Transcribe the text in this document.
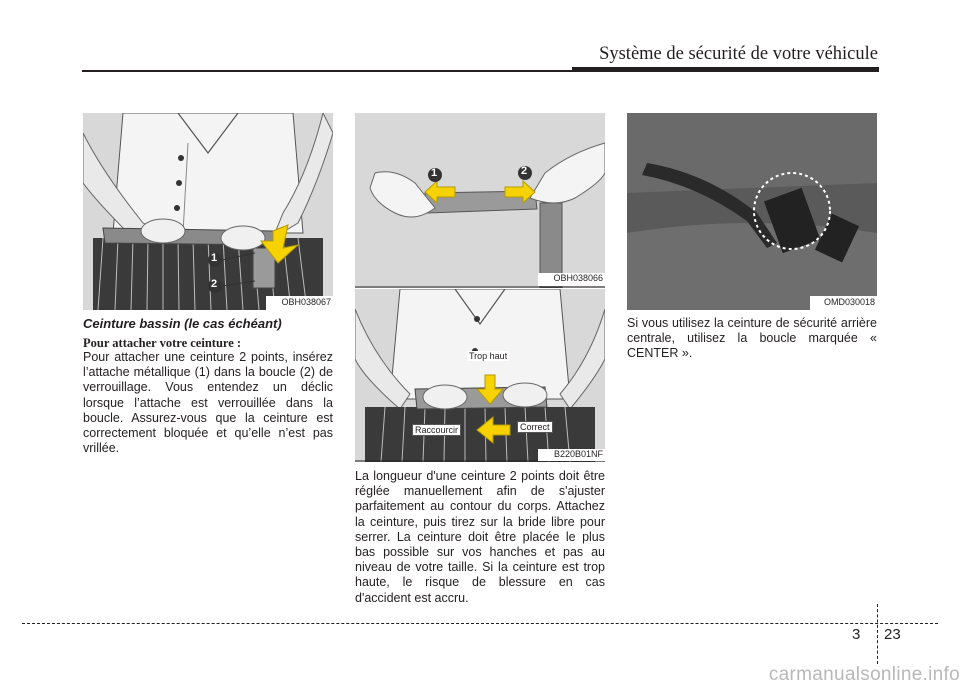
Système de sécurité de votre véhicule
1
2
OBH038067
Ceinture bassin (le cas échéant)
Pour attacher votre ceinture :
Pour attacher une ceinture 2 points, insérez l’attache métallique (1) dans la boucle (2) de verrouillage. Vous entendez un déclic lorsque l’attache est verrouillée dans la boucle. Assurez-vous que la ceinture est correctement bloquée et qu’elle n’est pas vrillée.
1	2
OBH038066
Trop haut
Raccourcir	Correct
B220B01NF
La longueur d'une ceinture 2 points doit être réglée manuellement afin de s'ajuster parfaitement au contour du corps. Attachez la ceinture, puis tirez sur la bride libre pour serrer. La ceinture doit être placée le plus bas possible sur vos hanches et pas au niveau de votre taille. Si la ceinture est trop haute, le risque de blessure en cas d'accident est accru.
OMD030018
Si vous utilisez la ceinture de sécurité arrière centrale, utilisez la boucle marquée « CENTER ».
3 23
carmanualsonline.info
